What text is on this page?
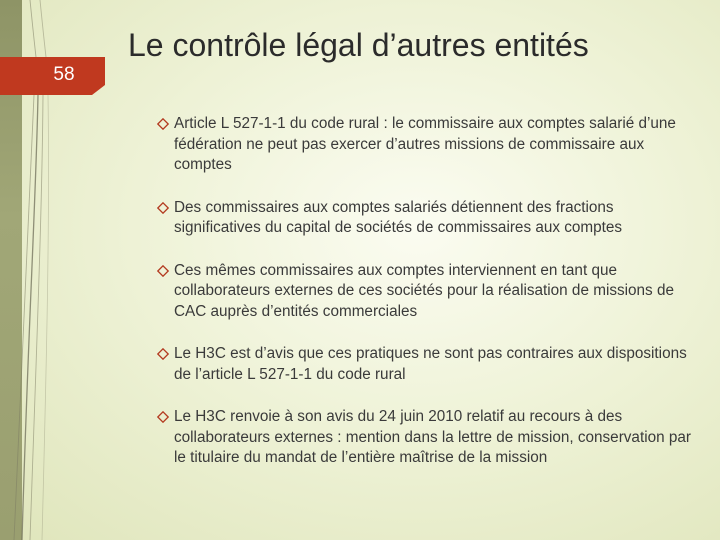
58
Le contrôle légal d’autres entités
Article L 527-1-1 du code rural : le commissaire aux comptes salarié d’une fédération ne peut pas exercer d’autres missions de commissaire aux comptes
Des commissaires aux comptes salariés détiennent des fractions significatives du capital de sociétés de commissaires aux comptes
Ces mêmes commissaires aux comptes interviennent en tant que collaborateurs externes de ces sociétés pour la réalisation de missions de CAC auprès d’entités commerciales
Le H3C est d’avis que ces pratiques ne sont pas contraires aux dispositions de l’article L 527-1-1 du code rural
Le H3C renvoie à son avis du 24 juin 2010 relatif au recours à des collaborateurs externes : mention dans la lettre de mission, conservation par le titulaire du mandat de l’entière maîtrise de la mission
